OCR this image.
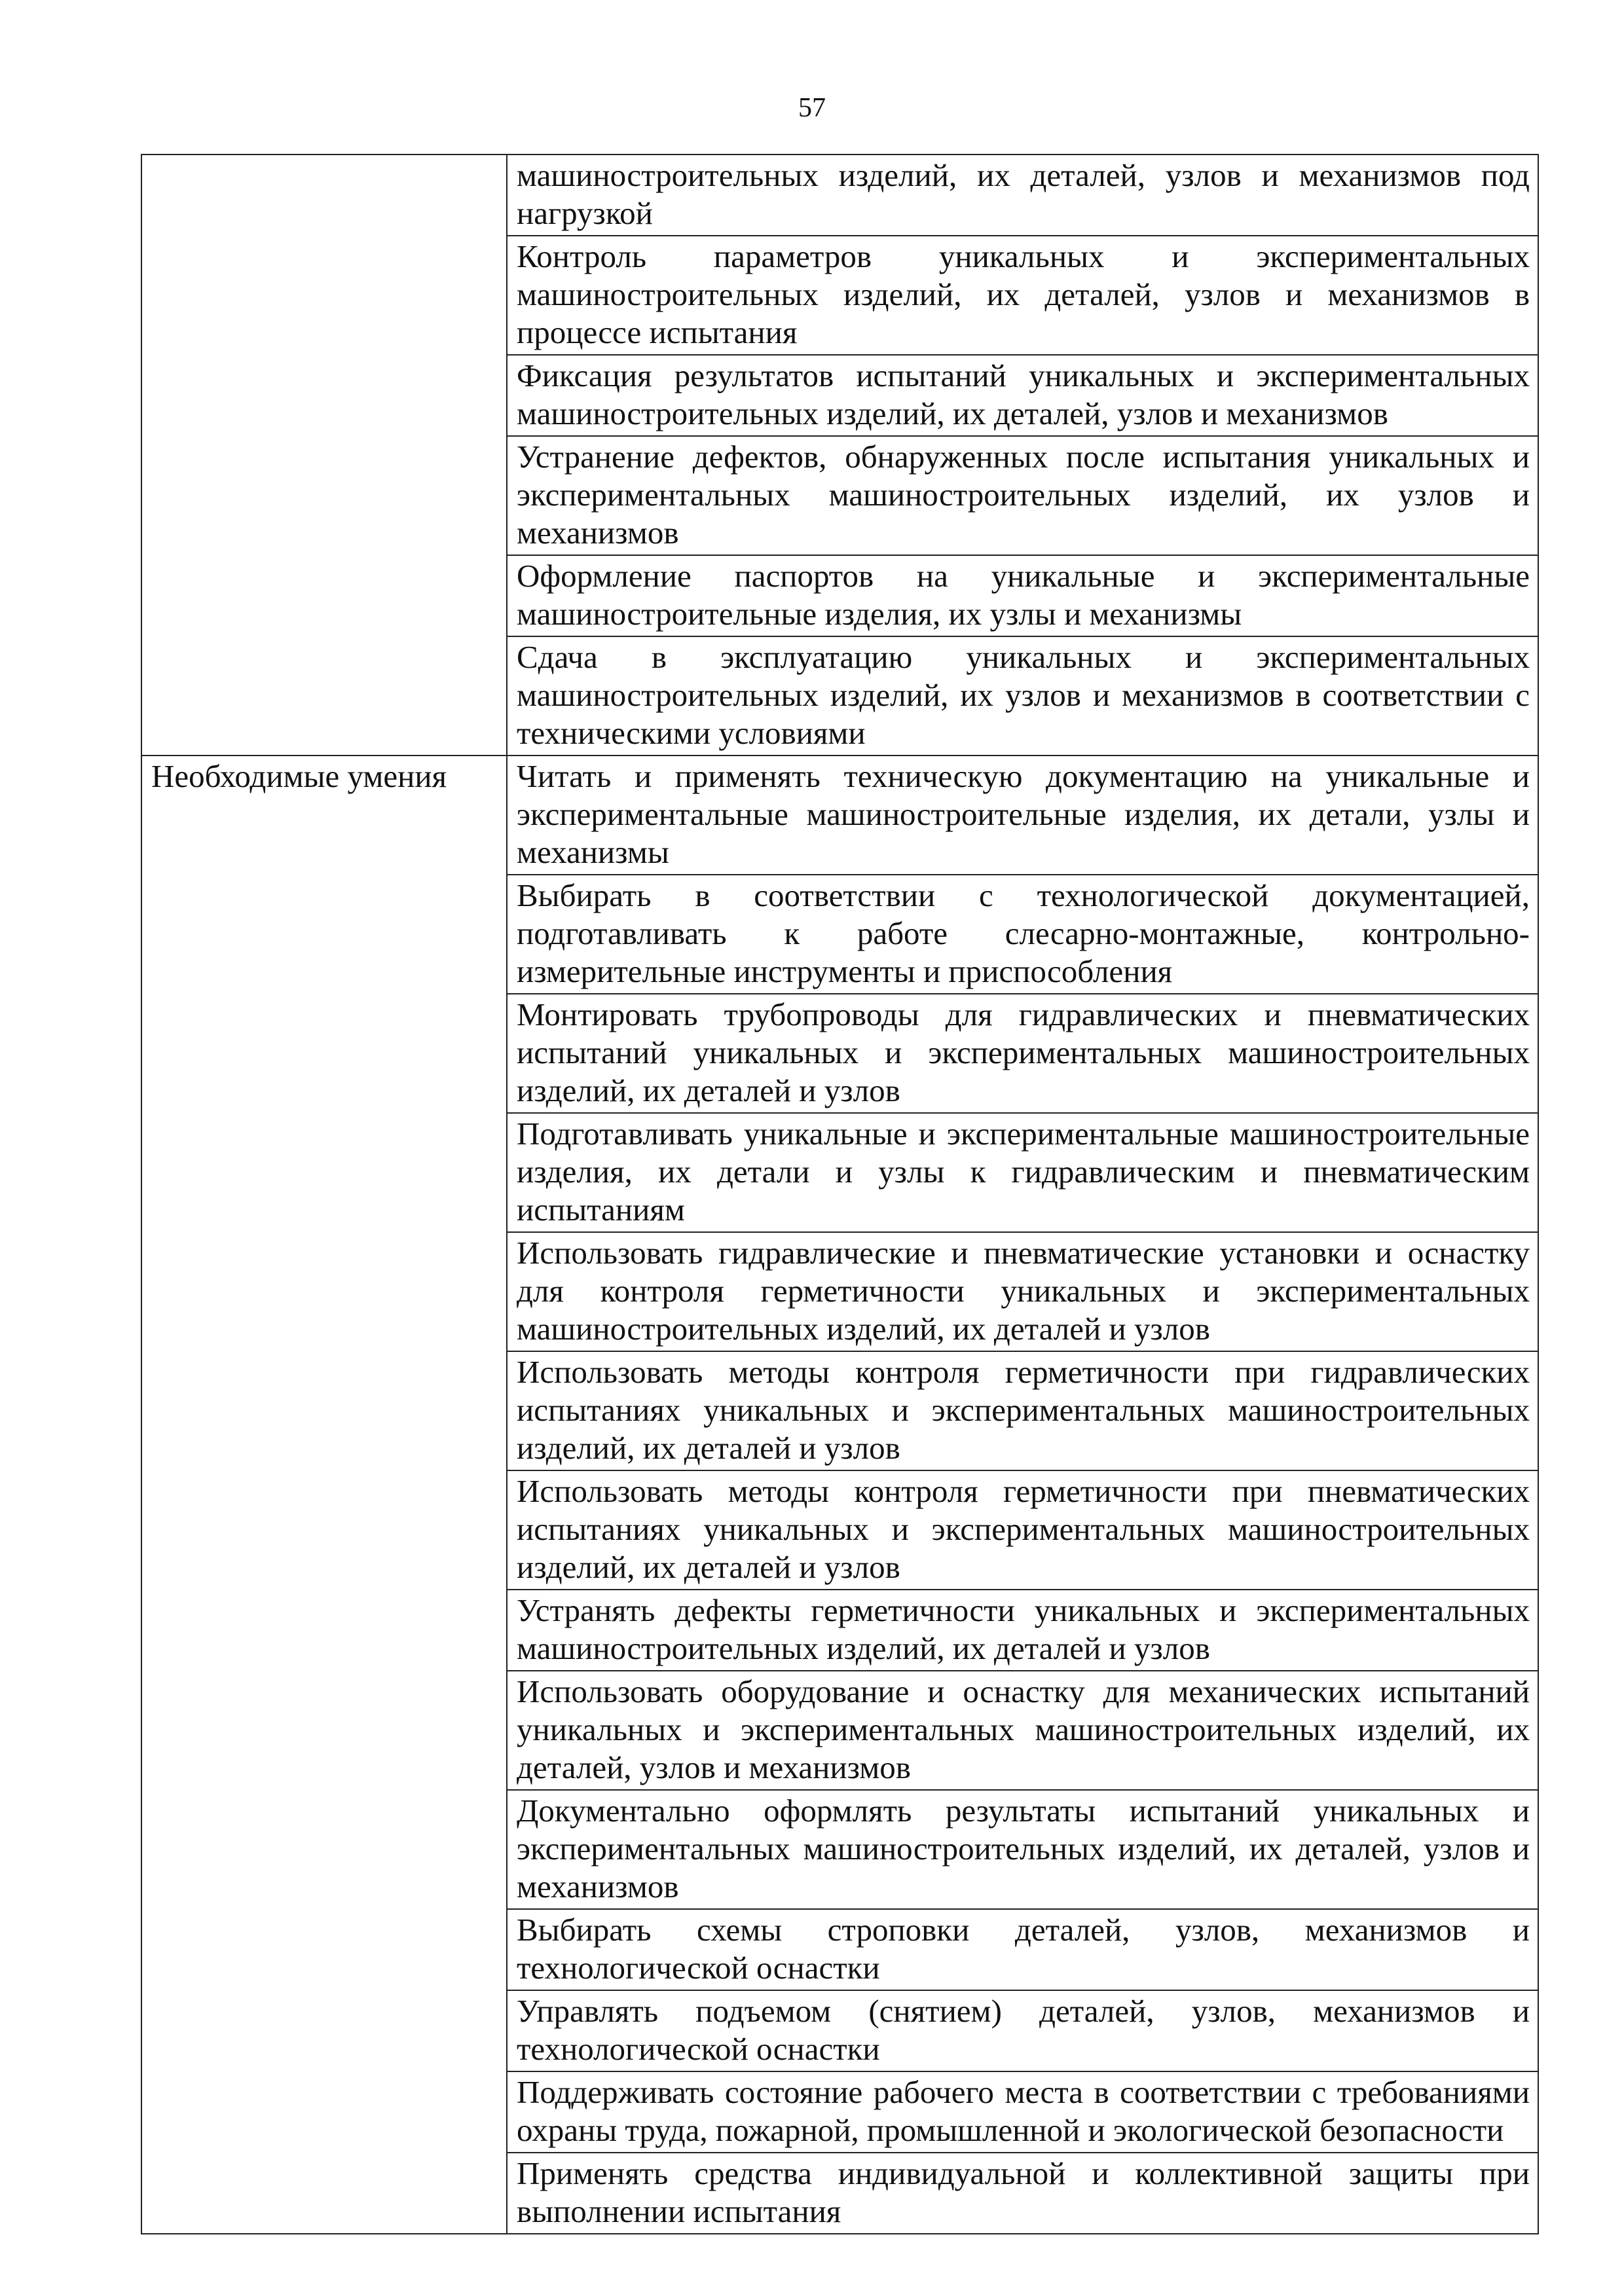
57
	машиностроительных изделий, их деталей, узлов и механизмов под нагрузкой
	Контроль параметров уникальных и экспериментальных машиностроительных изделий, их деталей, узлов и механизмов в процессе испытания
	Фиксация результатов испытаний уникальных и экспериментальных машиностроительных изделий, их деталей, узлов и механизмов
	Устранение дефектов, обнаруженных после испытания уникальных и экспериментальных машиностроительных изделий, их узлов и механизмов
	Оформление паспортов на уникальные и экспериментальные машиностроительные изделия, их узлы и механизмы
	Сдача в эксплуатацию уникальных и экспериментальных машиностроительных изделий, их узлов и механизмов в соответствии с техническими условиями
Необходимые умения	Читать и применять техническую документацию на уникальные и экспериментальные машиностроительные изделия, их детали, узлы и механизмы
	Выбирать в соответствии с технологической документацией, подготавливать к работе слесарно-монтажные, контрольно-измерительные инструменты и приспособления
	Монтировать трубопроводы для гидравлических и пневматических испытаний уникальных и экспериментальных машиностроительных изделий, их деталей и узлов
	Подготавливать уникальные и экспериментальные машиностроительные изделия, их детали и узлы к гидравлическим и пневматическим испытаниям
	Использовать гидравлические и пневматические установки и оснастку для контроля герметичности уникальных и экспериментальных машиностроительных изделий, их деталей и узлов
	Использовать методы контроля герметичности при гидравлических испытаниях уникальных и экспериментальных машиностроительных изделий, их деталей и узлов
	Использовать методы контроля герметичности при пневматических испытаниях уникальных и экспериментальных машиностроительных изделий, их деталей и узлов
	Устранять дефекты герметичности уникальных и экспериментальных машиностроительных изделий, их деталей и узлов
	Использовать оборудование и оснастку для механических испытаний уникальных и экспериментальных машиностроительных изделий, их деталей, узлов и механизмов
	Документально оформлять результаты испытаний уникальных и экспериментальных машиностроительных изделий, их деталей, узлов и механизмов
	Выбирать схемы строповки деталей, узлов, механизмов и технологической оснастки
	Управлять подъемом (снятием) деталей, узлов, механизмов и технологической оснастки
	Поддерживать состояние рабочего места в соответствии с требованиями охраны труда, пожарной, промышленной и экологической безопасности
	Применять средства индивидуальной и коллективной защиты при выполнении испытания
